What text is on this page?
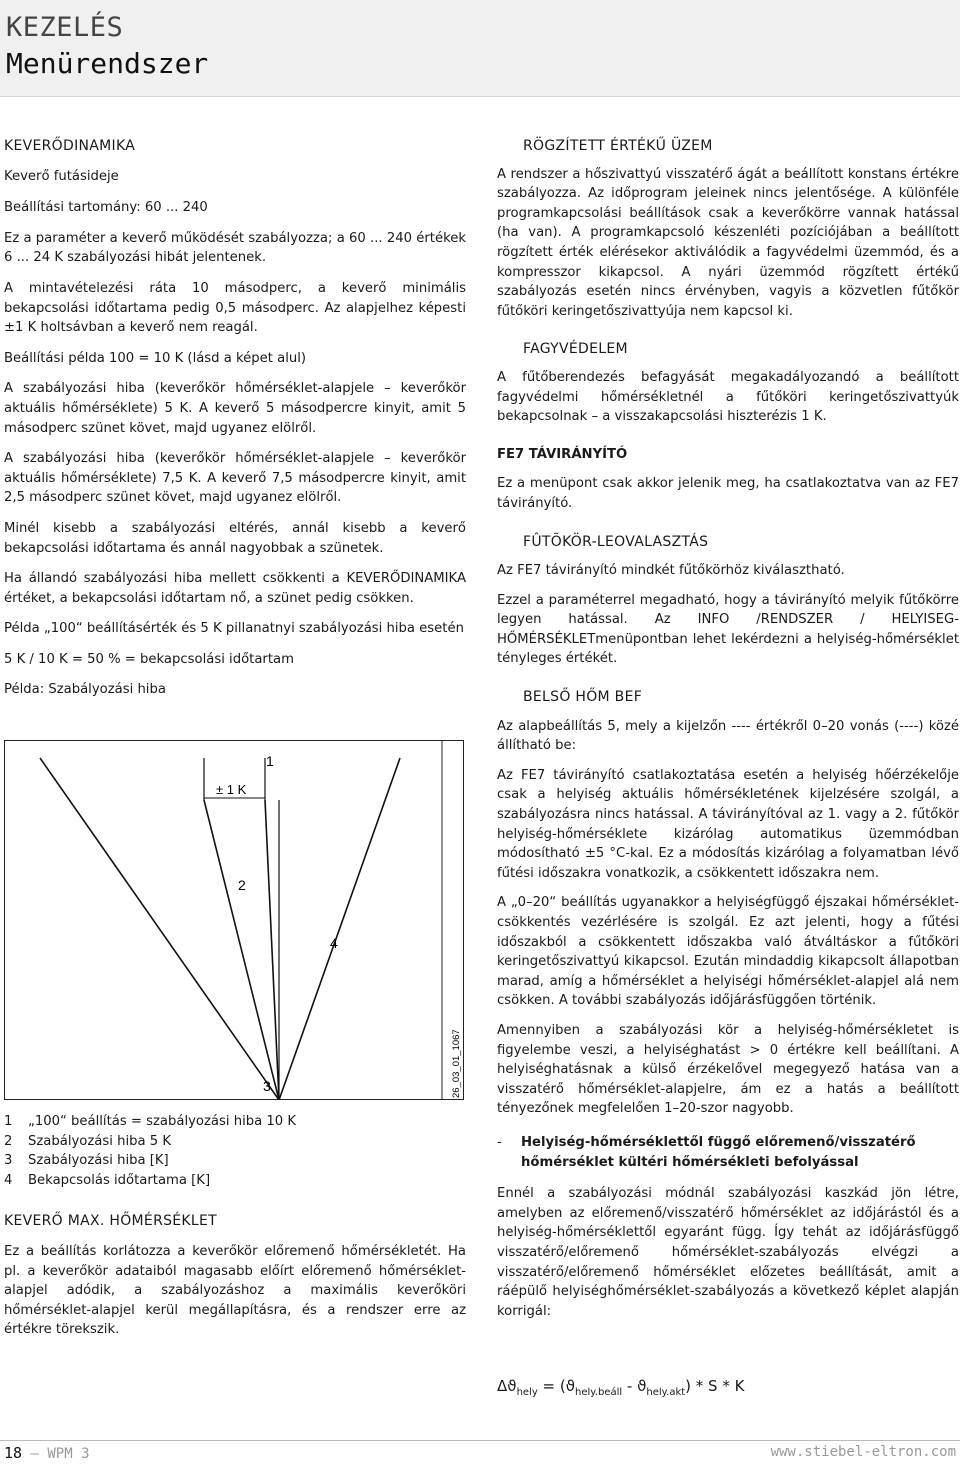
KEZELÉS
Menürendszer

KEVERŐDINAMIKA

Keverő futásideje

Beállítási tartomány: 60 ... 240

Ez a paraméter a keverő működését szabályozza; a 60 ... 240 értékek 6 ... 24 K szabályozási hibát jelentenek.

A mintavételezési ráta 10 másodperc, a keverő minimális bekapcsolási időtartama pedig 0,5 másodperc. Az alapjelhez képesti ±1 K holtsávban a keverő nem reagál.

Beállítási példa 100 = 10 K (lásd a képet alul)

A szabályozási hiba (keverőkör hőmérséklet-alapjele – keverőkör aktuális hőmérséklete) 5 K. A keverő 5 másodpercre kinyit, amit 5 másodperc szünet követ, majd ugyanez elölről.

A szabályozási hiba (keverőkör hőmérséklet-alapjele – keverőkör aktuális hőmérséklete) 7,5 K. A keverő 7,5 másodpercre kinyit, amit 2,5 másodperc szünet követ, majd ugyanez elölről.

Minél kisebb a szabályozási eltérés, annál kisebb a keverő bekapcsolási időtartama és annál nagyobbak a szünetek.

Ha állandó szabályozási hiba mellett csökkenti a KEVERŐDINAMIKA értéket, a bekapcsolási időtartam nő, a szünet pedig csökken.

Példa „100“ beállításérték és 5 K pillanatnyi szabályozási hiba esetén

5 K / 10 K = 50 % = bekapcsolási időtartam

Példa: Szabályozási hiba

1
± 1 K
2
4
3	26_03_01_1067

1 „100“ beállítás = szabályozási hiba 10 K

2 Szabályozási hiba 5 K

3 Szabályozási hiba [K]

4 Bekapcsolás időtartama [K]

KEVERŐ MAX. HŐMÉRSÉKLET

Ez a beállítás korlátozza a keverőkör előremenő hőmérsékletét. Ha pl. a keverőkör adataiból magasabb előírt előremenő hőmérséklet-alapjel adódik, a szabályozáshoz a maximális keverőköri hőmérséklet-alapjel kerül megállapításra, és a rendszer erre az értékre törekszik.

RÖGZÍTETT ÉRTÉKŰ ÜZEM

A rendszer a hőszivattyú visszatérő ágát a beállított konstans értékre szabályozza. Az időprogram jeleinek nincs jelentősége. A különféle programkapcsolási beállítások csak a keverőkörre vannak hatással (ha van). A programkapcsoló készenléti pozíciójában a beállított rögzített érték elérésekor aktiválódik a fagyvédelmi üzemmód, és a kompresszor kikapcsol. A nyári üzemmód rögzített értékű szabályozás esetén nincs érvényben, vagyis a közvetlen fűtőkör fűtőköri keringetőszivattyúja nem kapcsol ki.

FAGYVÉDELEM

A fűtőberendezés befagyását megakadályozandó a beállított fagyvédelmi hőmérsékletnél a fűtőköri keringetőszivattyúk bekapcsolnak – a visszakapcsolási hiszterézis 1 K.

FE7 TÁVIRÁNYÍTÓ

Ez a menüpont csak akkor jelenik meg, ha csatlakoztatva van az FE7 távirányító.

FÛTÕKÖR-LEOVALASZTÁS

Az FE7 távirányító mindkét fűtőkörhöz kiválasztható.

Ezzel a paraméterrel megadható, hogy a távirányító melyik fűtőkörre legyen hatással. Az INFO /RENDSZER / HELYISEG-HŐMÉRSÉKLETmenüpontban lehet lekérdezni a helyiség-hőmérséklet tényleges értékét.

BELSŐ HŐM BEF

Az alapbeállítás 5, mely a kijelzőn ---- értékről 0–20 vonás (----) közé állítható be:

Az FE7 távirányító csatlakoztatása esetén a helyiség hőérzékelője csak a helyiség aktuális hőmérsékletének kijelzésére szolgál, a szabályozásra nincs hatással. A távirányítóval az 1. vagy a 2. fűtőkör helyiség-hőmérséklete kizárólag automatikus üzemmódban módosítható ±5 °C-kal. Ez a módosítás kizárólag a folyamatban lévő fűtési időszakra vonatkozik, a csökkentett időszakra nem.

A „0–20“ beállítás ugyanakkor a helyiségfüggő éjszakai hőmérséklet-csökkentés vezérlésére is szolgál. Ez azt jelenti, hogy a fűtési időszakból a csökkentett időszakba való átváltáskor a fűtőköri keringetőszivattyú kikapcsol. Ezután mindaddig kikapcsolt állapotban marad, amíg a hőmérséklet a helyiségi hőmérséklet-alapjel alá nem csökken. A további szabályozás időjárásfüggően történik.

Amennyiben a szabályozási kör a helyiség-hőmérsékletet is figyelembe veszi, a helyiséghatást > 0 értékre kell beállítani. A helyiséghatásnak a külső érzékelővel megegyező hatása van a visszatérő hőmérséklet-alapjelre, ám ez a hatás a beállított tényezőnek megfelelően 1–20-szor nagyobb.

-	Helyiség-hőmérséklettől függő előremenő/visszatérő hőmérséklet kültéri hőmérsékleti befolyással

Ennél a szabályozási módnál szabályozási kaszkád jön létre, amelyben az előremenő/visszatérő hőmérséklet az időjárástól és a helyiség-hőmérséklettől egyaránt függ. Így tehát az időjárásfüggő visszatérő/előremenő hőmérséklet-szabályozás elvégzi a visszatérő/előremenő hőmérséklet előzetes beállítását, amit a ráépülő helyiséghőmérséklet-szabályozás a következő képlet alapján korrigál:

$\Delta ϑ_{hely} = (ϑ_{hely.beáll} - ϑ_{hely.akt}) * S * K$
18 – WPM 3	www.stiebel-eltron.com
